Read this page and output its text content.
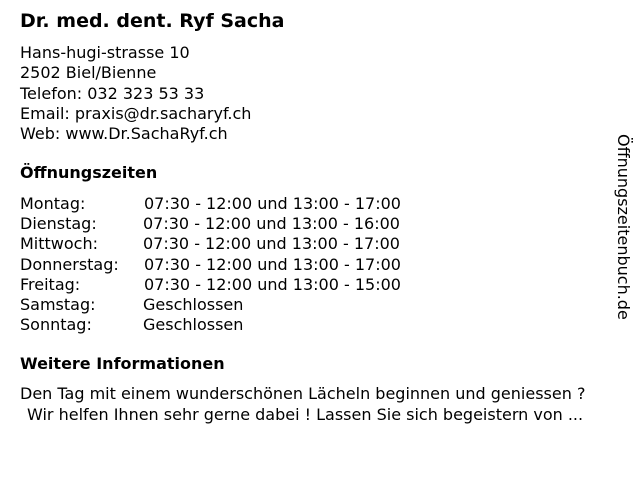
Dr. med. dent. Ryf Sacha
Hans-hugi-strasse 10
2502 Biel/Bienne
Telefon: 032 323 53 33
Email: praxis@dr.sacharyf.ch
Web: www.Dr.SachaRyf.ch
Öffnungszeiten
Montag:	07:30 - 12:00 und 13:00 - 17:00
Dienstag:	07:30 - 12:00 und 13:00 - 16:00
Mittwoch:	07:30 - 12:00 und 13:00 - 17:00
Donnerstag: 07:30 - 12:00 und 13:00 - 17:00
Freitag:	07:30 - 12:00 und 13:00 - 15:00
Samstag:	Geschlossen
Sonntag:	Geschlossen
Weitere Informationen
Den Tag mit einem wunderschönen Lächeln beginnen und geniessen ?
Wir helfen Ihnen sehr gerne dabei ! Lassen Sie sich begeistern von ...
Öffnungszeitenbuch.de
